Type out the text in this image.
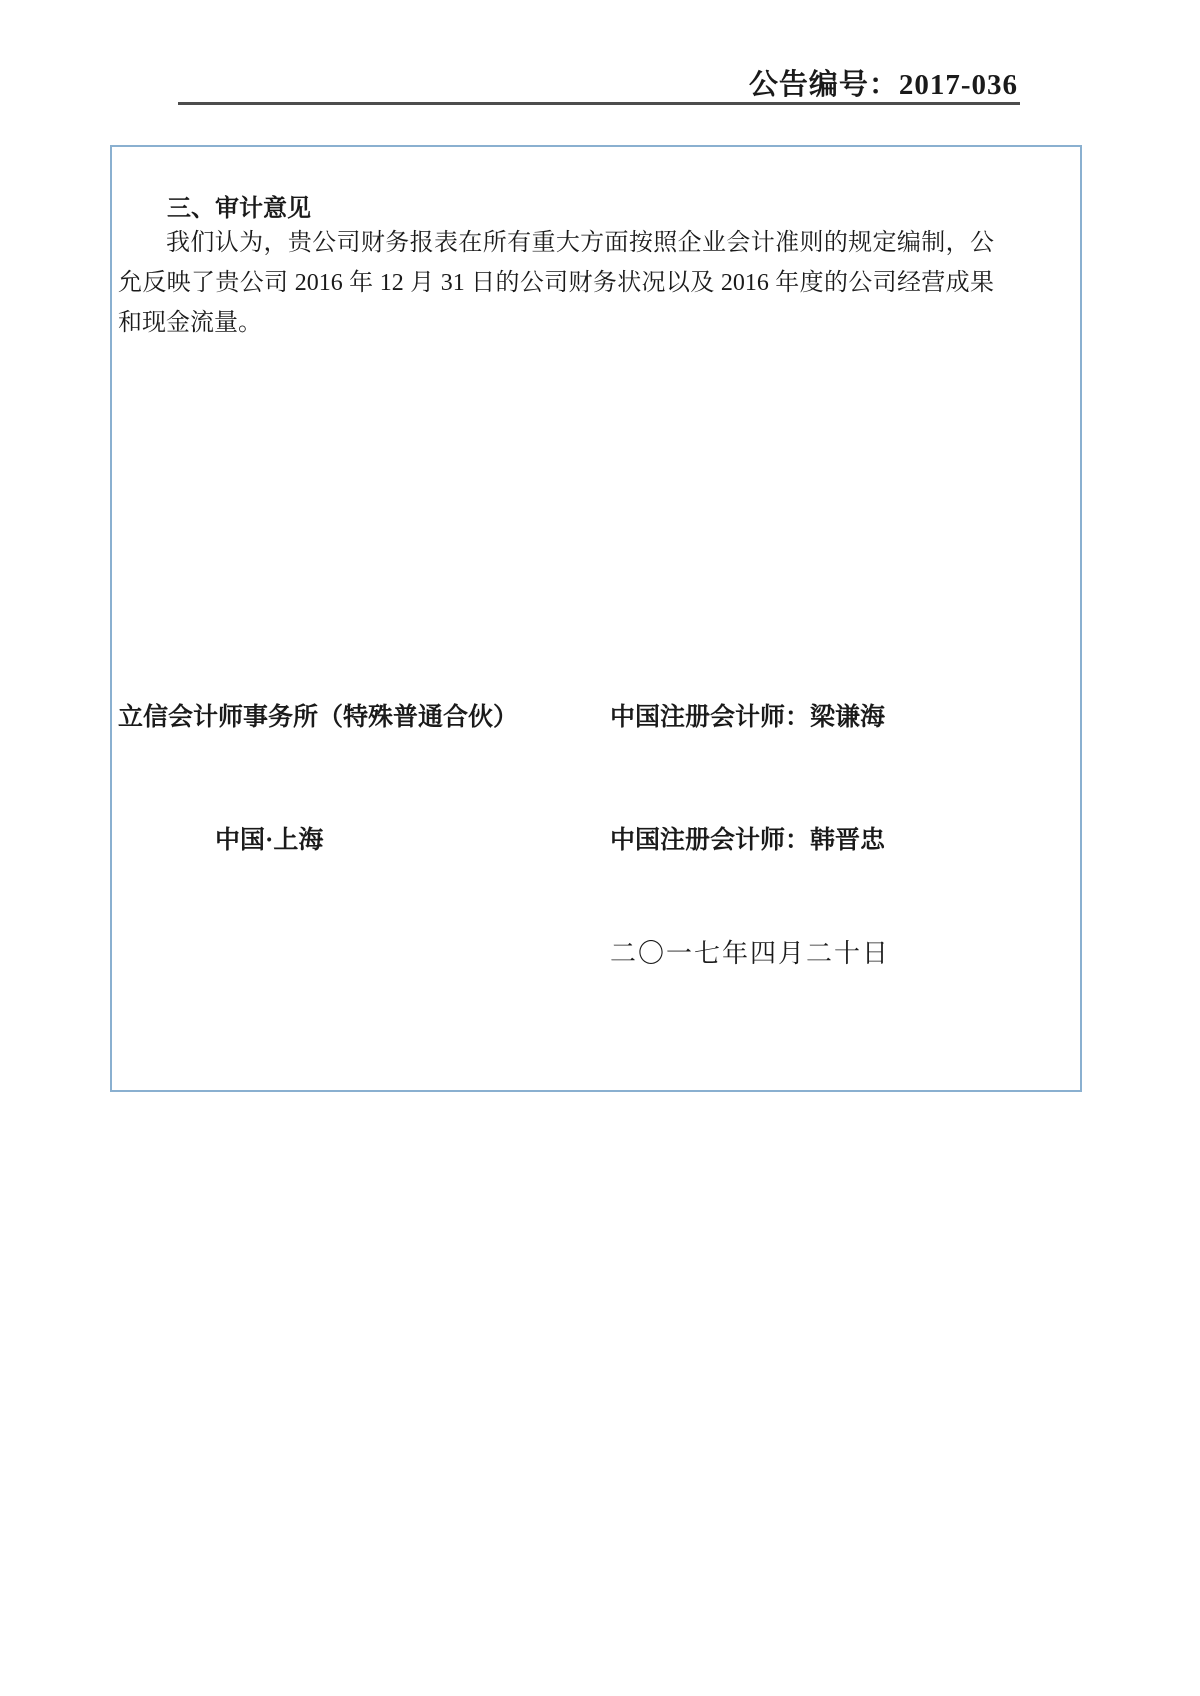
公告编号：2017-036
三、审计意见
我们认为，贵公司财务报表在所有重大方面按照企业会计准则的规定编制，公允反映了贵公司 2016 年 12 月 31 日的公司财务状况以及 2016 年度的公司经营成果和现金流量。
立信会计师事务所（特殊普通合伙）	中国注册会计师：梁谦海
中国·上海	中国注册会计师：韩晋忠
二〇一七年四月二十日
